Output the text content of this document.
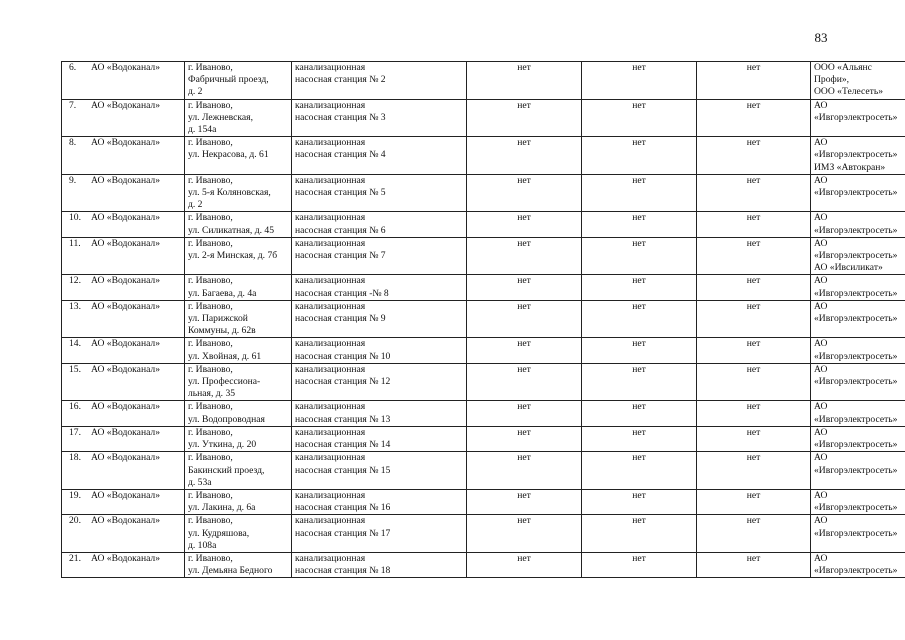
83
6. АО «Водоканал»	г. Иваново,
Фабричный проезд,
д. 2	канализационная
насосная станция № 2	нет	нет	нет	ООО «Альянс
Профи»,
ООО «Телесеть»

7. АО «Водоканал»	г. Иваново,
ул. Лежневская,
д. 154а	канализационная
насосная станция № 3	нет	нет	нет	АО
«Ивгорэлектросеть»

8. АО «Водоканал»	г. Иваново,
ул. Некрасова, д. 61	канализационная
насосная станция № 4	нет	нет	нет	АО
«Ивгорэлектросеть»
ИМЗ «Автокран»

9. АО «Водоканал»	г. Иваново,
ул. 5-я Коляновская,
д. 2	канализационная
насосная станция № 5	нет	нет	нет	АО
«Ивгорэлектросеть»

10. АО «Водоканал»	г. Иваново,
ул. Силикатная, д. 45	канализационная
насосная станция № 6	нет	нет	нет	АО
«Ивгорэлектросеть»

11. АО «Водоканал»	г. Иваново,
ул. 2-я Минская, д. 7б	канализационная
насосная станция № 7	нет	нет	нет	АО
«Ивгорэлектросеть»
АО «Ивсиликат»

12. АО «Водоканал»	г. Иваново,
ул. Багаева, д. 4а	канализационная
насосная станция -№ 8	нет	нет	нет	АО
«Ивгорэлектросеть»

13. АО «Водоканал»	г. Иваново,
ул. Парижской
Коммуны, д. 62в	канализационная
насосная станция № 9	нет	нет	нет	АО
«Ивгорэлектросеть»

14. АО «Водоканал»	г. Иваново,
ул. Хвойная, д. 61	канализационная
насосная станция № 10	нет	нет	нет	АО
«Ивгорэлектросеть»

15. АО «Водоканал»	г. Иваново,
ул. Профессиона-
льная, д. 35	канализационная
насосная станция № 12	нет	нет	нет	АО
«Ивгорэлектросеть»

16. АО «Водоканал»	г. Иваново,
ул. Водопроводная	канализационная
насосная станция № 13	нет	нет	нет	АО
«Ивгорэлектросеть»

17. АО «Водоканал»	г. Иваново,
ул. Уткина, д. 20	канализационная
насосная станция № 14	нет	нет	нет	АО
«Ивгорэлектросеть»

18. АО «Водоканал»	г. Иваново,
Бакинский проезд,
д. 53а	канализационная
насосная станция № 15	нет	нет	нет	АО
«Ивгорэлектросеть»

19. АО «Водоканал»	г. Иваново,
ул. Лакина, д. 6а	канализационная
насосная станция № 16	нет	нет	нет	АО
«Ивгорэлектросеть»

20. АО «Водоканал»	г. Иваново,
ул. Кудряшова,
д. 108а	канализационная
насосная станция № 17	нет	нет	нет	АО
«Ивгорэлектросеть»

21. АО «Водоканал»	г. Иваново,
ул. Демьяна Бедного	канализационная
насосная станция № 18	нет	нет	нет	АО
«Ивгорэлектросеть»
